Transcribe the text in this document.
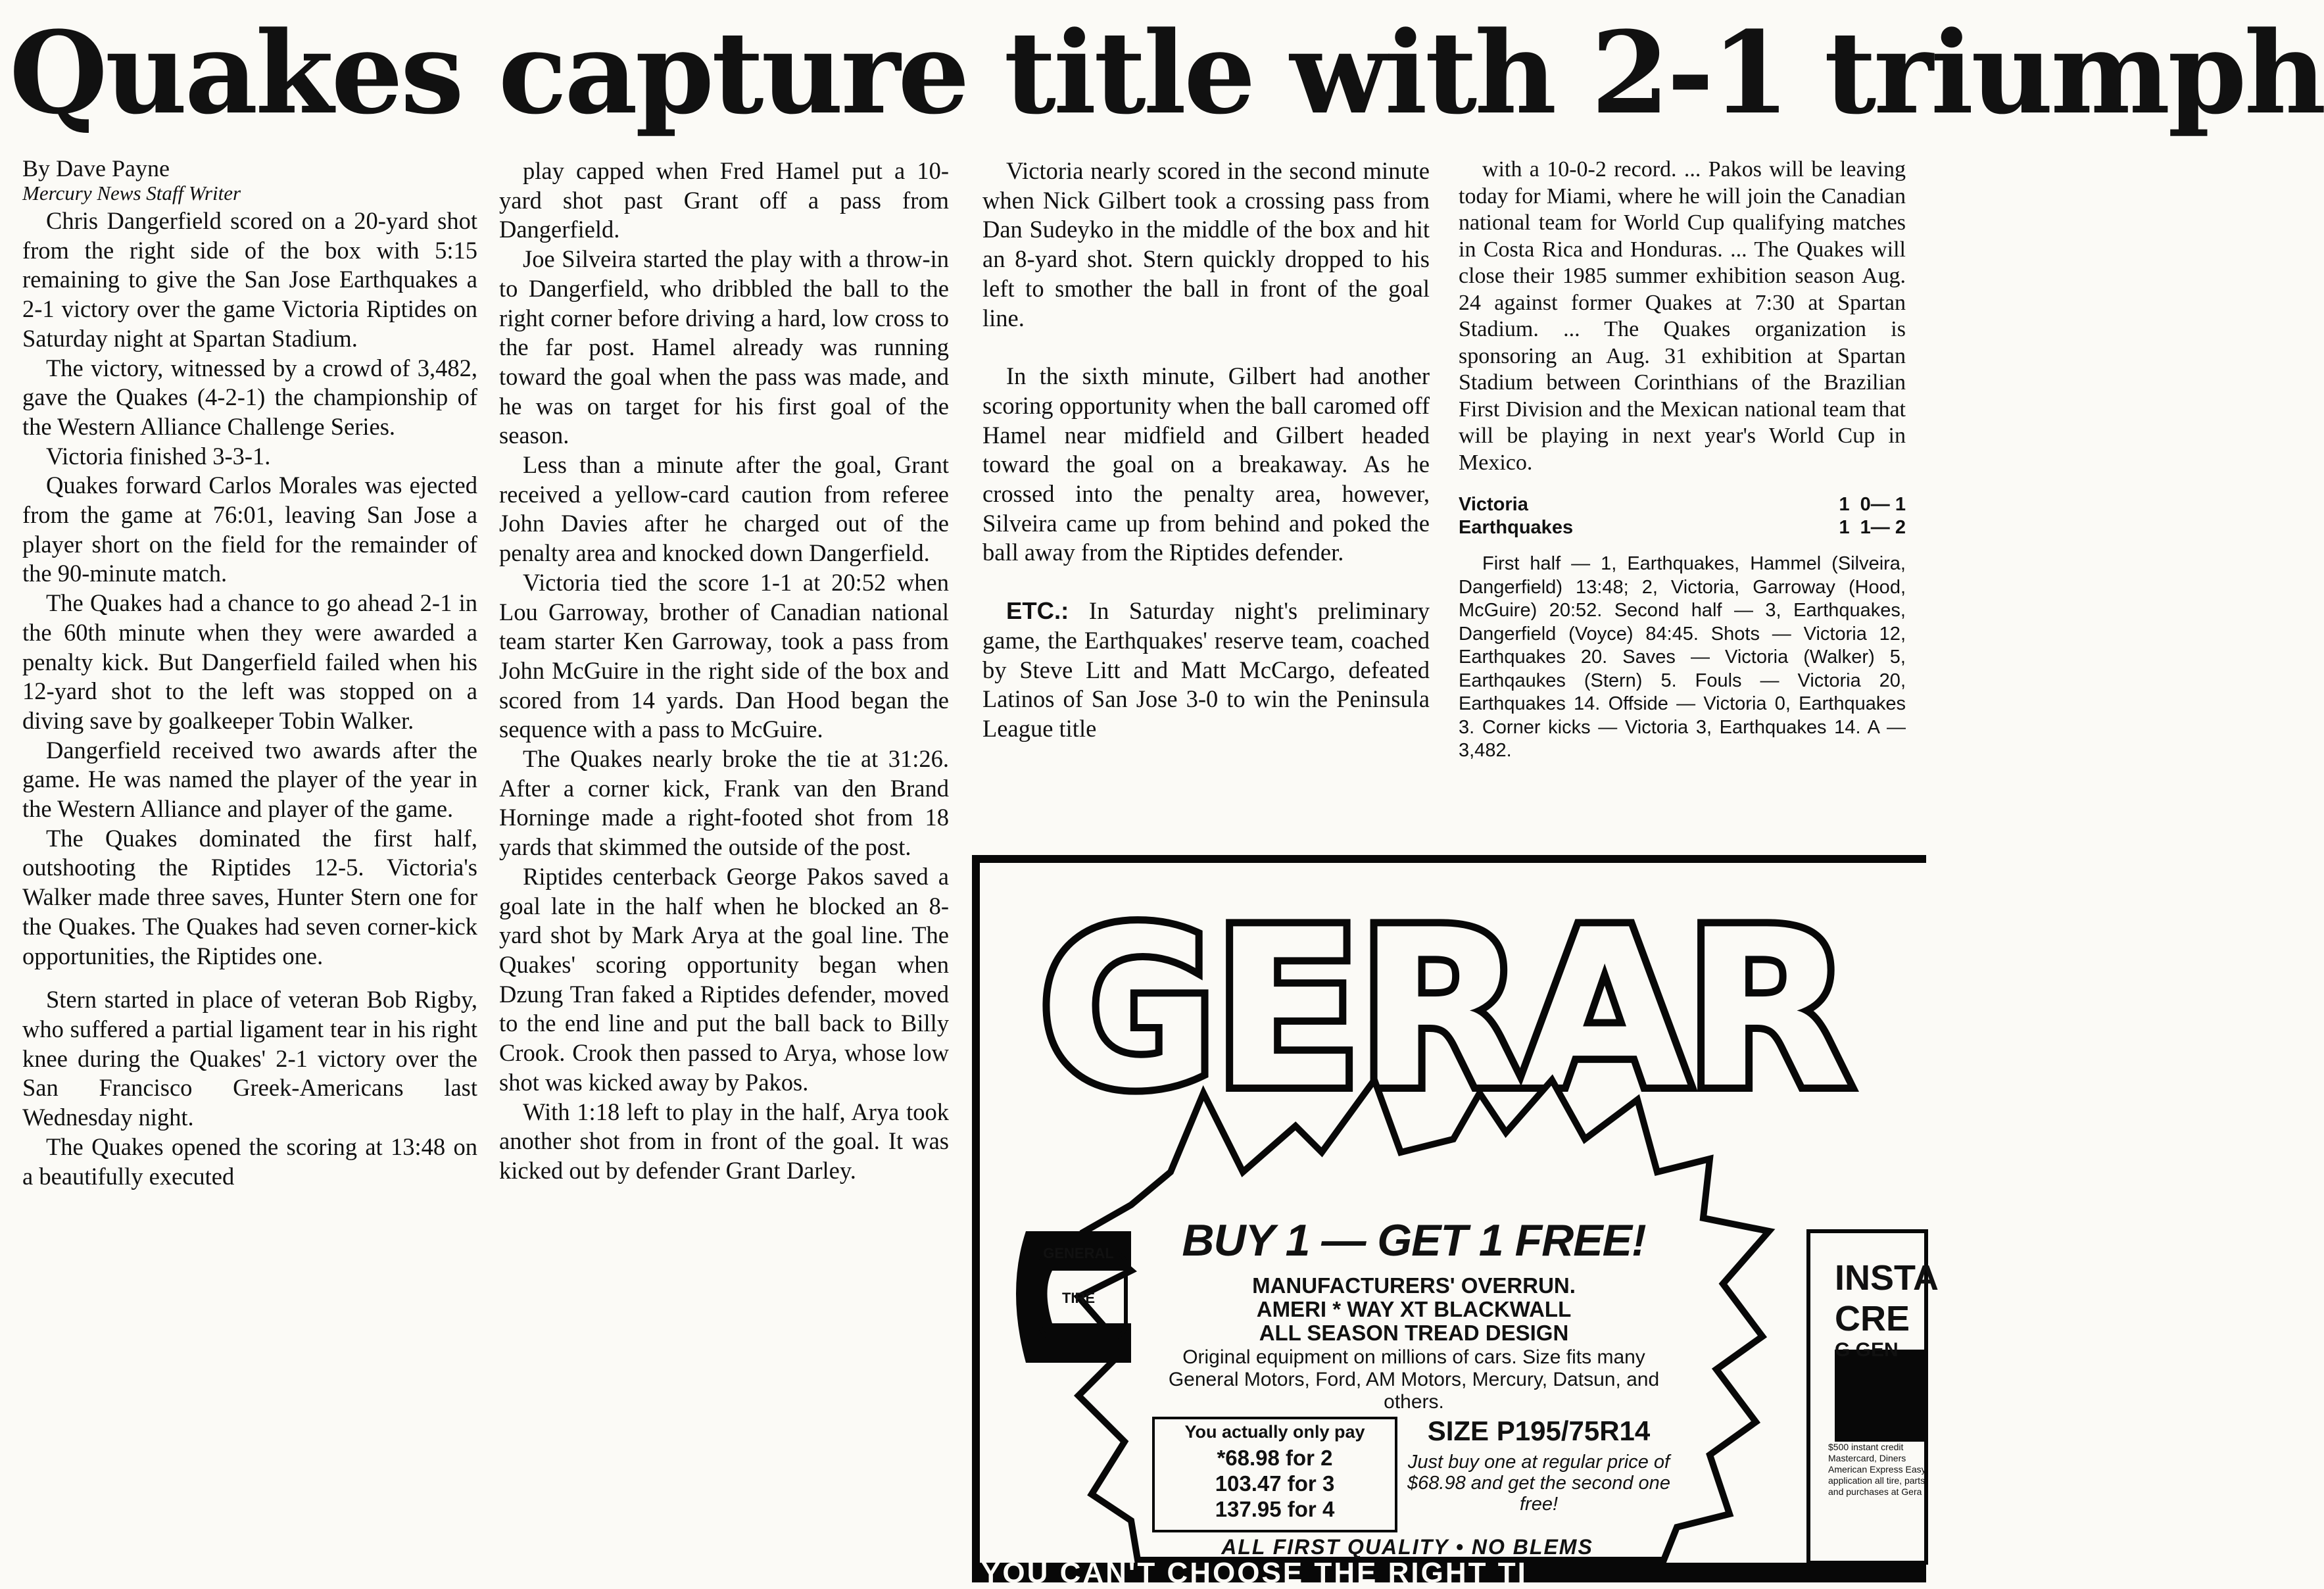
Quakes capture title with 2-1 triumph

By Dave Payne

Mercury News Staff Writer

Chris Dangerfield scored on a 20-yard shot from the right side of the box with 5:15 remaining to give the San Jose Earthquakes a 2-1 victory over the game Victoria Riptides on Saturday night at Spartan Stadium.

The victory, witnessed by a crowd of 3,482, gave the Quakes (4-2-1) the championship of the Western Alliance Challenge Series.

Victoria finished 3-3-1.

Quakes forward Carlos Morales was ejected from the game at 76:01, leaving San Jose a player short on the field for the remainder of the 90-minute match.

The Quakes had a chance to go ahead 2-1 in the 60th minute when they were awarded a penalty kick. But Dangerfield failed when his 12-yard shot to the left was stopped on a diving save by goalkeeper Tobin Walker.

Dangerfield received two awards after the game. He was named the player of the year in the Western Alliance and player of the game.

The Quakes dominated the first half, outshooting the Riptides 12-5. Victoria's Walker made three saves, Hunter Stern one for the Quakes. The Quakes had seven corner-kick opportunities, the Riptides one.

Stern started in place of veteran Bob Rigby, who suffered a partial ligament tear in his right knee during the Quakes' 2-1 victory over the San Francisco Greek-Americans last Wednesday night.

The Quakes opened the scoring at 13:48 on a beautifully executed

play capped when Fred Hamel put a 10-yard shot past Grant off a pass from Dangerfield.

Joe Silveira started the play with a throw-in to Dangerfield, who dribbled the ball to the right corner before driving a hard, low cross to the far post. Hamel already was running toward the goal when the pass was made, and he was on target for his first goal of the season.

Less than a minute after the goal, Grant received a yellow-card caution from referee John Davies after he charged out of the penalty area and knocked down Dangerfield.

Victoria tied the score 1-1 at 20:52 when Lou Garroway, brother of Canadian national team starter Ken Garroway, took a pass from John McGuire in the right side of the box and scored from 14 yards. Dan Hood began the sequence with a pass to McGuire.

The Quakes nearly broke the tie at 31:26. After a corner kick, Frank van den Brand Horninge made a right-footed shot from 18 yards that skimmed the outside of the post.

Riptides centerback George Pakos saved a goal late in the half when he blocked an 8-yard shot by Mark Arya at the goal line. The Quakes' scoring opportunity began when Dzung Tran faked a Riptides defender, moved to the end line and put the ball back to Billy Crook. Crook then passed to Arya, whose low shot was kicked away by Pakos.

With 1:18 left to play in the half, Arya took another shot from in front of the goal. It was kicked out by defender Grant Darley.

Victoria nearly scored in the second minute when Nick Gilbert took a crossing pass from Dan Sudeyko in the middle of the box and hit an 8-yard shot. Stern quickly dropped to his left to smother the ball in front of the goal line.

In the sixth minute, Gilbert had another scoring opportunity when the ball caromed off Hamel near midfield and Gilbert headed toward the goal on a breakaway. As he crossed into the penalty area, however, Silveira came up from behind and poked the ball away from the Riptides defender.

ETC.: In Saturday night's preliminary game, the Earthquakes' reserve team, coached by Steve Litt and Matt McCargo, defeated Latinos of San Jose 3-0 to win the Peninsula League title

with a 10-0-2 record. ... Pakos will be leaving today for Miami, where he will join the Canadian national team for World Cup qualifying matches in Costa Rica and Honduras. ... The Quakes will close their 1985 summer exhibition season Aug. 24 against former Quakes at 7:30 at Spartan Stadium. ... The Quakes organization is sponsoring an Aug. 31 exhibition at Spartan Stadium between Corinthians of the Brazilian First Division and the Mexican national team that will be playing in next year's World Cup in Mexico.

Victoria	1  0— 1
Earthquakes	1  1— 2
First half — 1, Earthquakes, Hammel (Silveira, Dangerfield) 13:48; 2, Victoria, Garroway (Hood, McGuire) 20:52. Second half — 3, Earthquakes, Dangerfield (Voyce) 84:45. Shots — Victoria 12, Earthquakes 20. Saves — Victoria (Walker) 5, Earthqaukes (Stern) 5. Fouls — Victoria 20, Earthquakes 14. Offside — Victoria 0, Earthquakes 3. Corner kicks — Victoria 3, Earthquakes 14. A — 3,482.
GERAR
GENERAL
TIRE
BUY 1 — GET 1 FREE!
MANUFACTURERS' OVERRUN.
AMERI * WAY XT BLACKWALL
ALL SEASON TREAD DESIGN
Original equipment on millions of cars. Size fits many General Motors, Ford, AM Motors, Mercury, Datsun, and others.
You actually only pay
*68.98 for 2
103.47 for 3
137.95 for 4
SIZE P195/75R14
Just buy one at regular price of $68.98 and get the second one free!
ALL FIRST QUALITY • NO BLEMS
INSTA
CRE
G GEN
$500 instant credit Mastercard, Diners American Express Easy application all tire, parts and purchases at Gera
YOU CAN'T CHOOSE THE RIGHT TI
